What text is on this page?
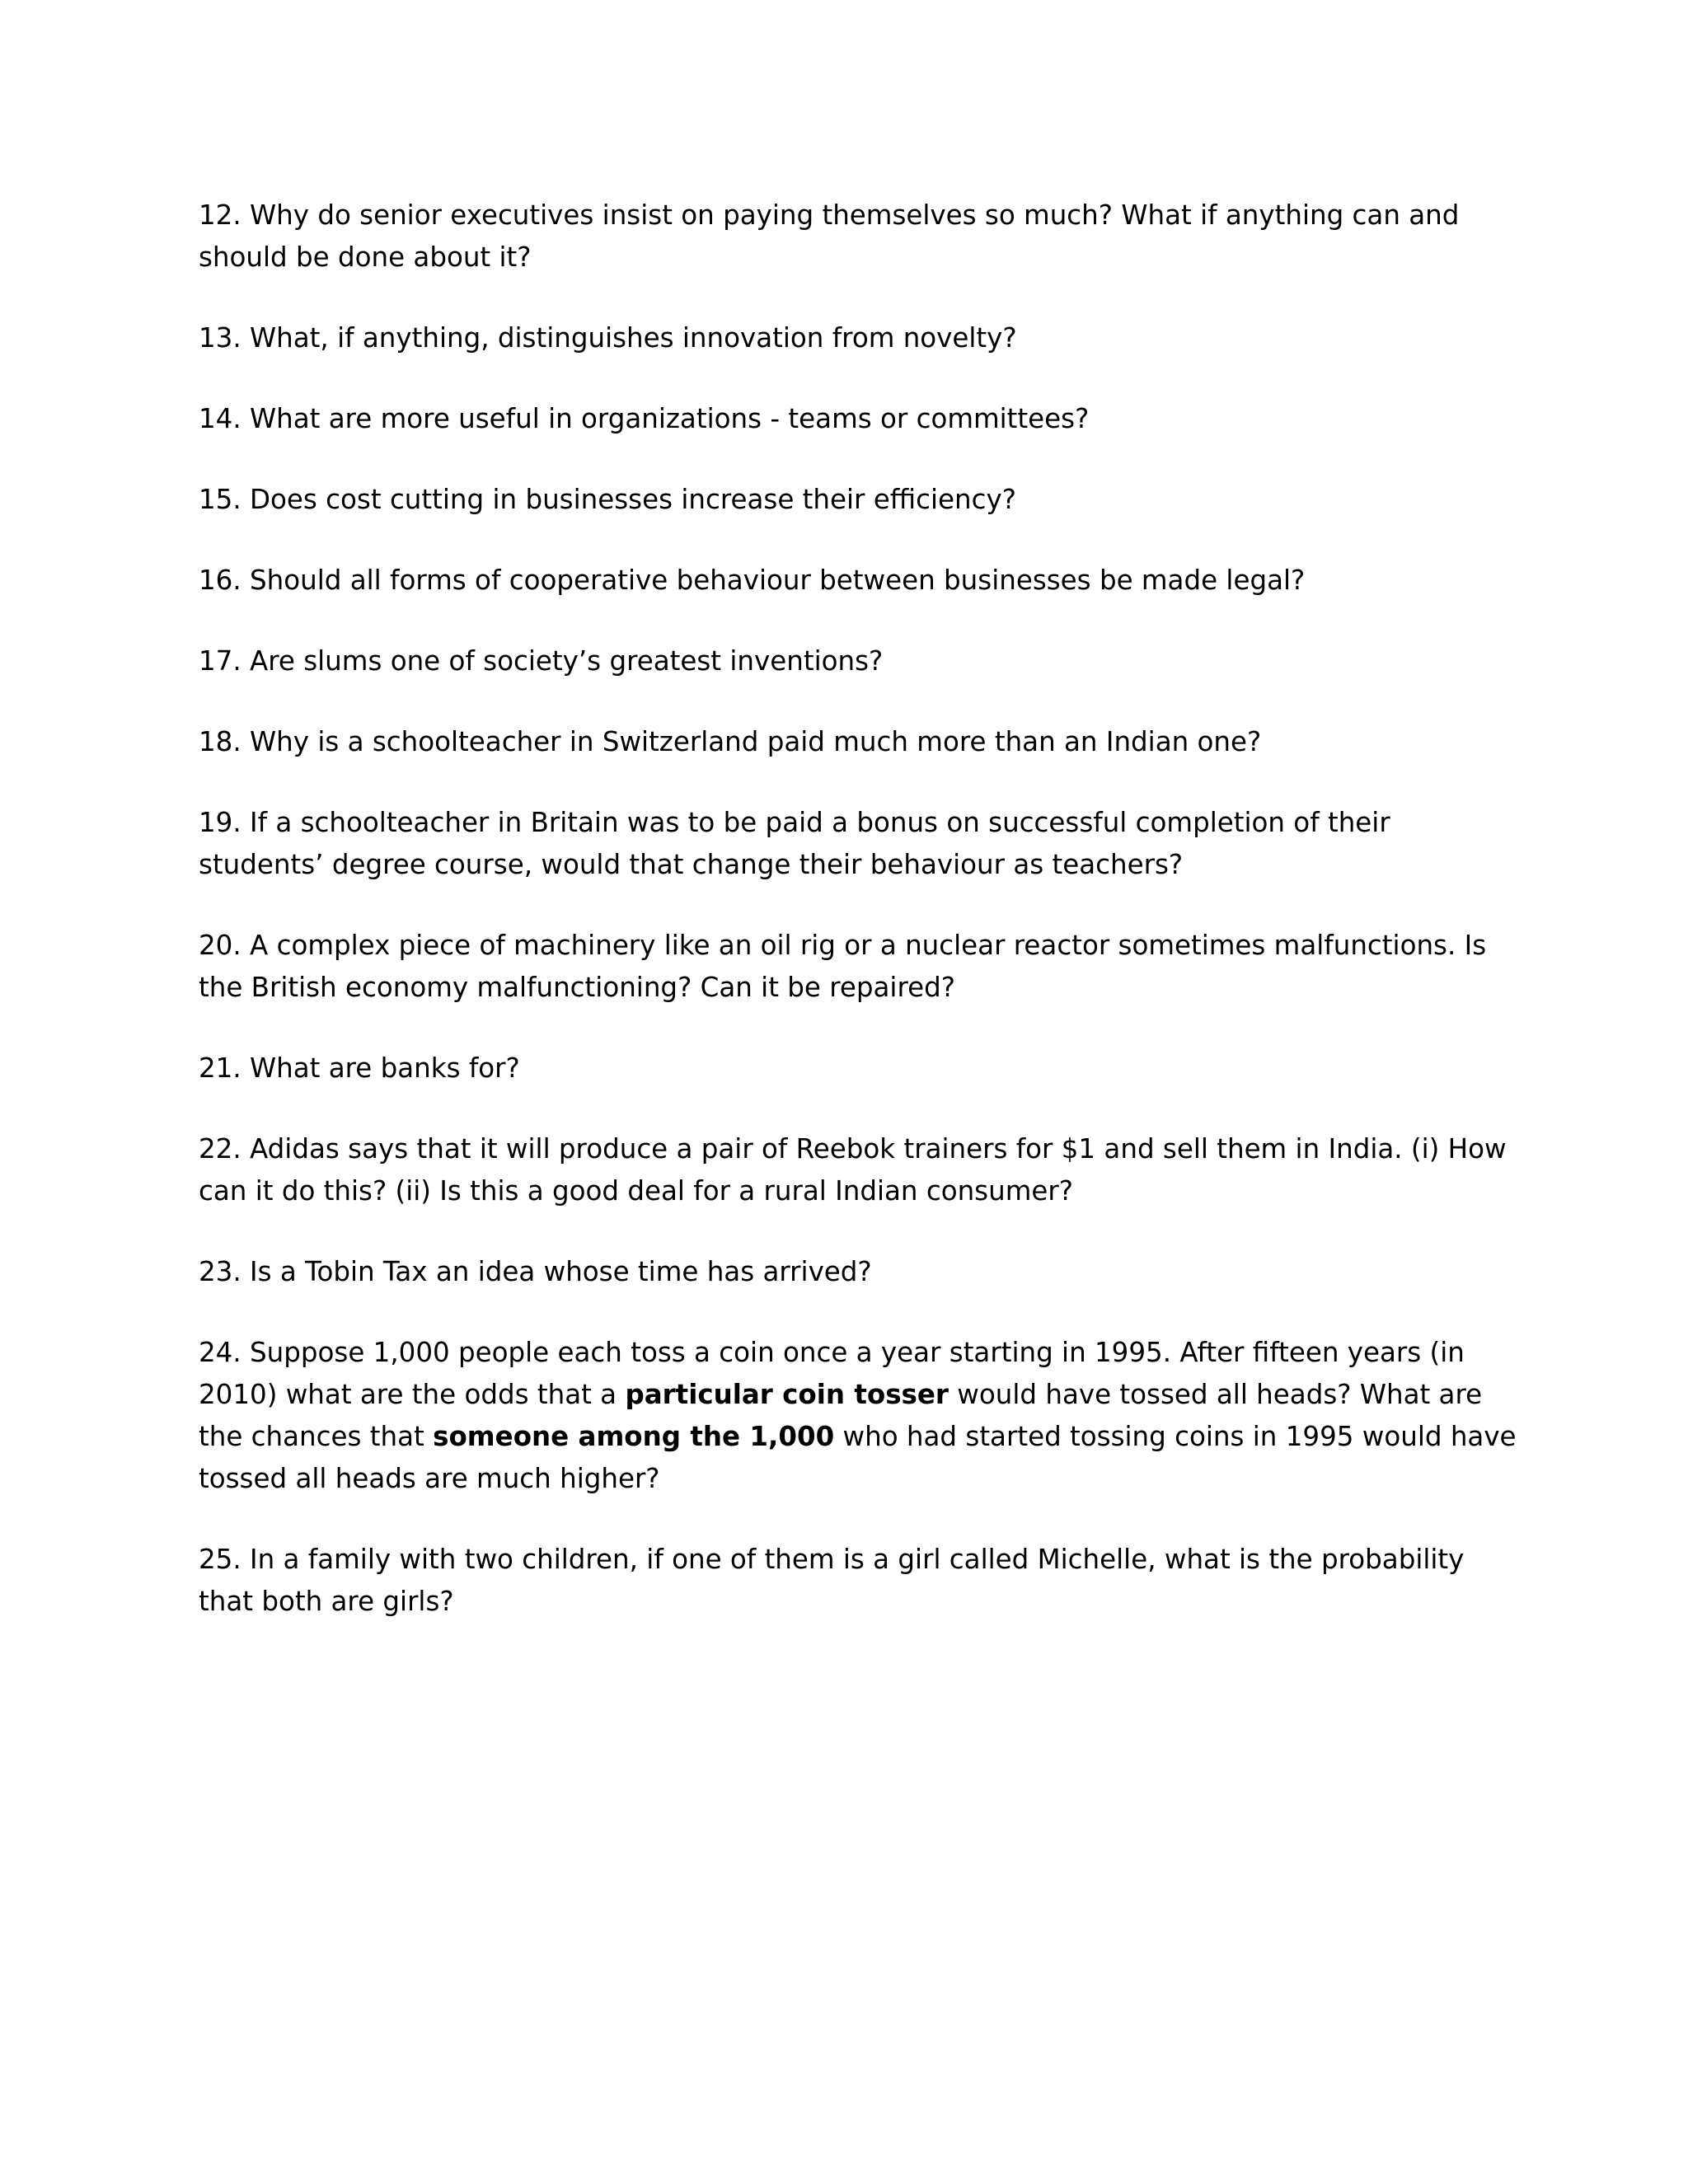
12. Why do senior executives insist on paying themselves so much? What if anything can and should be done about it?

13. What, if anything, distinguishes innovation from novelty?

14. What are more useful in organizations - teams or committees?

15. Does cost cutting in businesses increase their efficiency?

16. Should all forms of cooperative behaviour between businesses be made legal?

17. Are slums one of society’s greatest inventions?

18. Why is a schoolteacher in Switzerland paid much more than an Indian one?

19. If a schoolteacher in Britain was to be paid a bonus on successful completion of their students’ degree course, would that change their behaviour as teachers?

20. A complex piece of machinery like an oil rig or a nuclear reactor sometimes malfunctions. Is the British economy malfunctioning? Can it be repaired?

21. What are banks for?

22. Adidas says that it will produce a pair of Reebok trainers for $1 and sell them in India. (i) How can it do this? (ii) Is this a good deal for a rural Indian consumer?

23. Is a Tobin Tax an idea whose time has arrived?

24. Suppose 1,000 people each toss a coin once a year starting in 1995. After fifteen years (in 2010) what are the odds that a particular coin tosser would have tossed all heads? What are the chances that someone among the 1,000 who had started tossing coins in 1995 would have tossed all heads are much higher?

25. In a family with two children, if one of them is a girl called Michelle, what is the probability that both are girls?
